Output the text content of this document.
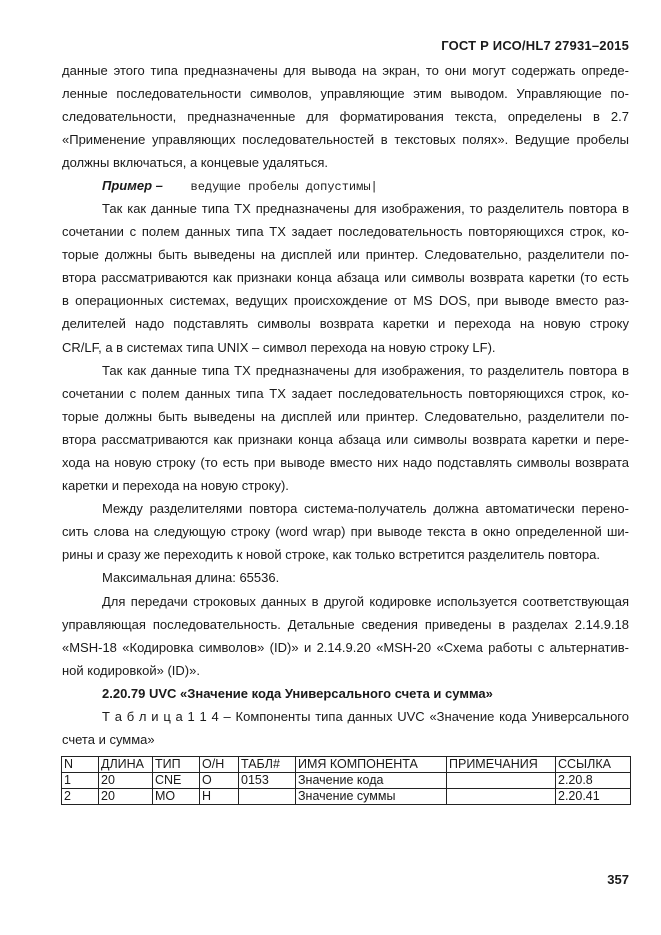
ГОСТ Р ИСО/HL7 27931–2015
данные этого типа предназначены для вывода на экран, то они могут содержать опреде-
ленные последовательности символов, управляющие этим выводом. Управляющие по-
следовательности, предназначенные для форматирования текста, определены в 2.7
«Применение управляющих последовательностей в текстовых полях». Ведущие пробелы
должны включаться, а концевые удаляться.
Пример – ведущие пробелы допустимы|
Так как данные типа ТХ предназначены для изображения, то разделитель повтора в
сочетании с полем данных типа ТХ задает последовательность повторяющихся строк, ко-
торые должны быть выведены на дисплей или принтер. Следовательно, разделители по-
втора рассматриваются как признаки конца абзаца или символы возврата каретки (то есть
в операционных системах, ведущих происхождение от MS DOS, при выводе вместо раз-
делителей надо подставлять символы возврата каретки и перехода на новую строку
CR/LF, а в системах типа UNIX – символ перехода на новую строку LF).
Так как данные типа ТХ предназначены для изображения, то разделитель повтора в
сочетании с полем данных типа ТХ задает последовательность повторяющихся строк, ко-
торые должны быть выведены на дисплей или принтер. Следовательно, разделители по-
втора рассматриваются как признаки конца абзаца или символы возврата каретки и пере-
хода на новую строку (то есть при выводе вместо них надо подставлять символы возврата
каретки и перехода на новую строку).
Между разделителями повтора система-получатель должна автоматически перено-
сить слова на следующую строку (word wrap) при выводе текста в окно определенной ши-
рины и сразу же переходить к новой строке, как только встретится разделитель повтора.
Максимальная длина: 65536.
Для передачи строковых данных в другой кодировке используется соответствующая
управляющая последовательность. Детальные сведения приведены в разделах 2.14.9.18
«MSH-18 «Кодировка символов» (ID)» и 2.14.9.20 «MSH-20 «Схема работы с альтернатив-
ной кодировкой» (ID)».
2.20.79 UVC «Значение кода Универсального счета и сумма»
Т а б л и ц а 1 1 4 – Компоненты типа данных UVC «Значение кода Универсального
счета и сумма»
N	ДЛИНА	ТИП	О/Н	ТАБЛ#	ИМЯ КОМПОНЕНТА	ПРИМЕЧАНИЯ	ССЫЛКА
1	20	CNE	O	0153	Значение кода		2.20.8
2	20	MO	H		Значение суммы		2.20.41
357
